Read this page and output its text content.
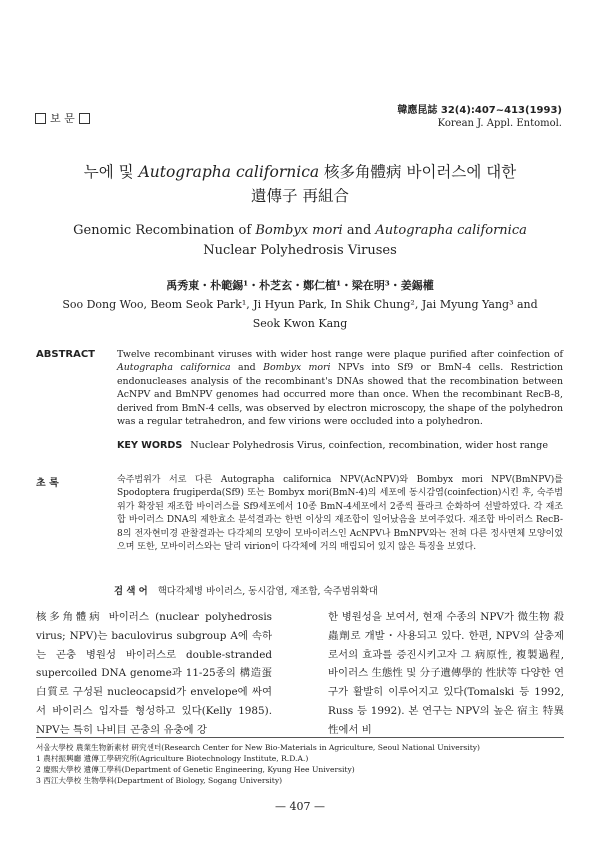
보 문
韓應昆誌 32(4):407~413(1993)
Korean J. Appl. Entomol.
누에 및 Autographa californica 核多角體病 바이러스에 대한
遺傳子 再組合
Genomic Recombination of Bombyx mori and Autographa californica
Nuclear Polyhedrosis Viruses
禹秀東・朴範錫¹・朴芝玄・鄭仁植¹・梁在明³・姜錫權
Soo Dong Woo, Beom Seok Park¹, Ji Hyun Park, In Shik Chung², Jai Myung Yang³ and
Seok Kwon Kang
ABSTRACT Twelve recombinant viruses with wider host range were plaque purified after coinfection of Autographa californica and Bombyx mori NPVs into Sf9 or BmN-4 cells. Restriction endonucleases analysis of the recombinant's DNAs showed that the recombination between AcNPV and BmNPV genomes had occurred more than once. When the recombinant RecB-8, derived from BmN-4 cells, was observed by electron microscopy, the shape of the polyhedron was a regular tetrahedron, and few virions were occluded into a polyhedron.
KEY WORDS Nuclear Polyhedrosis Virus, coinfection, recombination, wider host range
초 록	숙주범위가 서로 다른 Autographa californica NPV(AcNPV)와 Bombyx mori NPV(BmNPV)를 Spodoptera frugiperda(Sf9) 또는 Bombyx mori(BmN-4)의 세포에 동시감염(coinfection)시킨 후, 숙주범위가 확장된 재조합 바이러스를 Sf9세포에서 10종 BmN-4세포에서 2종씩 플라크 순화하여 선발하였다. 각 재조합 바이러스 DNA의 제한효소 분석결과는 한번 이상의 재조합이 일어났음을 보여주었다. 재조합 바이러스 RecB-8의 전자현미경 관찰결과는 다각체의 모양이 모바이러스인 AcNPV나 BmNPV와는 전혀 다른 정사면체 모양이었으며 또한, 모바이러스와는 달리 virion이 다각체에 거의 매립되어 있지 않은 특징을 보였다.
검 색 어 핵다각체병 바이러스, 동시감염, 재조합, 숙주범위확대
核多角體病 바이러스 (nuclear polyhedrosis virus; NPV)는 baculovirus subgroup A에 속하는 곤충 병원성 바이러스로 double-stranded supercoiled DNA genome과 11-25종의 構造蛋白質로 구성된 nucleocapsid가 envelope에 싸여서 바이러스 입자를 형성하고 있다(Kelly 1985). NPV는 특히 나비目 곤충의 유충에 강
한 병원성을 보여서, 현재 수종의 NPV가 微生物 殺蟲劑로 개발・사용되고 있다. 한편, NPV의 살충제로서의 효과를 증진시키고자 그 病原性, 複製過程, 바이러스 生態性 및 分子遺傳學的 性狀等 다양한 연구가 활발히 이루어지고 있다(Tomalski 등 1992, Russ 등 1992). 본 연구는 NPV의 높은 宿主 特異性에서 비
서울大學校 農業生物新素材 硏究센터(Research Center for New Bio-Materials in Agriculture, Seoul National University)
1 農村振興廳 遺傳工學硏究所(Agriculture Biotechnology Institute, R.D.A.)
2 慶熙大學校 遺傳工學科(Department of Genetic Engineering, Kyung Hee University)
3 西江大學校 生物學科(Department of Biology, Sogang University)
— 407 —
